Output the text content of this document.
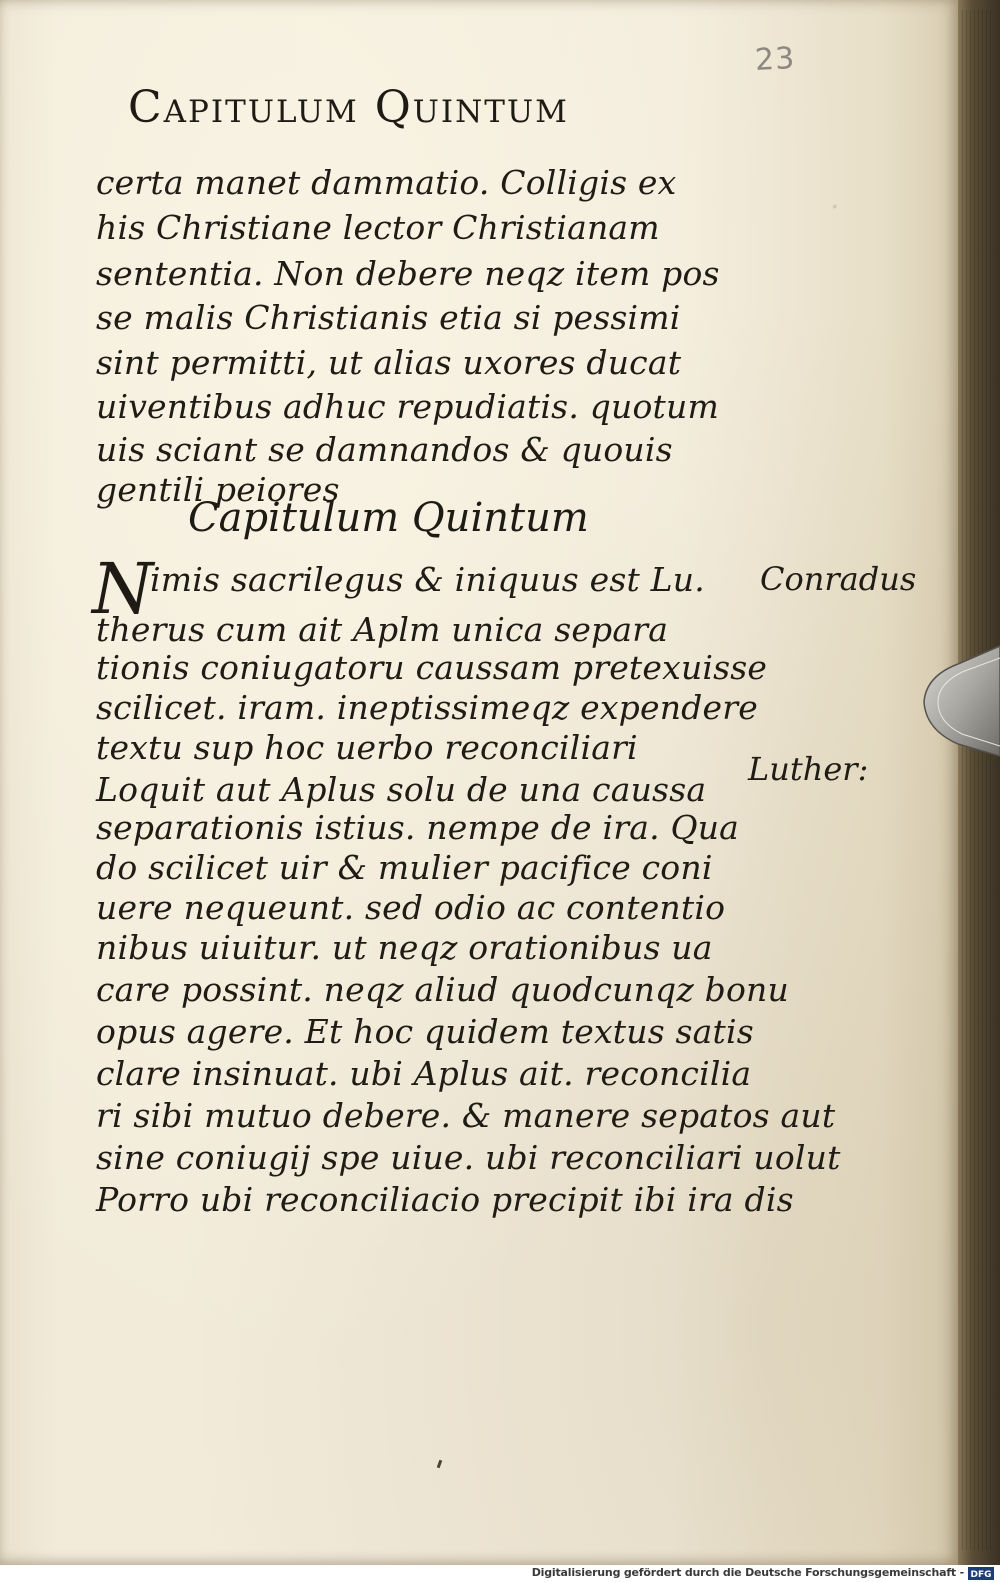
·
23
Capitulum Quintum
certa manet dammatio. Colligis ex
his Christiane lector Christianam
sententia. Non debere neqz item pos
se malis Christianis etia si pessimi
sint permitti, ut alias uxores ducat
uiventibus adhuc repudiatis. quotum
uis sciant se damnandos & quouis
gentili peiores
Capitulum Quintum
N
imis sacrilegus & iniquus est Lu.
therus cum ait Aplm unica separa
tionis coniugatoru caussam pretexuisse
scilicet. iram. ineptissimeqz expendere
textu sup hoc uerbo reconciliari
Loquit aut Aplus solu de una caussa
separationis istius. nempe de ira. Qua
do scilicet uir & mulier pacifice coni
uere nequeunt. sed odio ac contentio
nibus uiuitur. ut neqz orationibus ua
care possint. neqz aliud quodcunqz bonu
opus agere. Et hoc quidem textus satis
clare insinuat. ubi Aplus ait. reconcilia
ri sibi mutuo debere. & manere sepatos aut
sine coniugij spe uiue. ubi reconciliari uolut
Porro ubi reconciliacio precipit ibi ira dis
Conradus
Luther:
Digitalisierung gefördert durch die Deutsche Forschungsgemeinschaft - DFG
